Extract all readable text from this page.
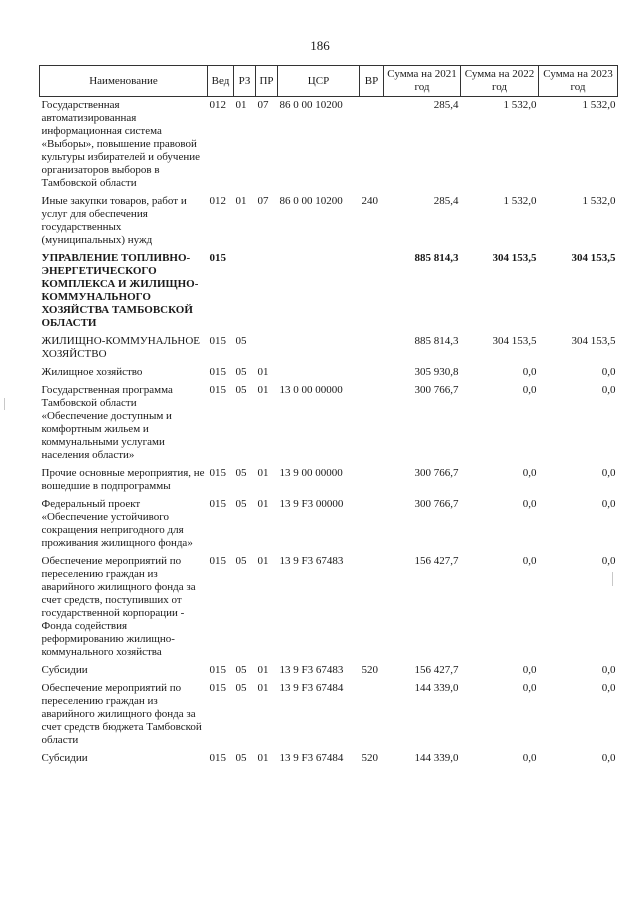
186
Наименование	Вед	РЗ	ПР	ЦСР	ВР	Сумма на 2021 год	Сумма на 2022 год	Сумма на 2023 год
Государственная автоматизированная информационная система «Выборы», повышение правовой культуры избирателей и обучение организаторов выборов в Тамбовской области	012	01	07	86 0 00 10200		285,4	1 532,0	1 532,0
Иные закупки товаров, работ и услуг для обеспечения государственных (муниципальных) нужд	012	01	07	86 0 00 10200	240	285,4	1 532,0	1 532,0
УПРАВЛЕНИЕ ТОПЛИВНО-ЭНЕРГЕТИЧЕСКОГО КОМПЛЕКСА И ЖИЛИЩНО-КОММУНАЛЬНОГО ХОЗЯЙСТВА ТАМБОВСКОЙ ОБЛАСТИ	015					885 814,3	304 153,5	304 153,5
ЖИЛИЩНО-КОММУНАЛЬНОЕ ХОЗЯЙСТВО	015	05				885 814,3	304 153,5	304 153,5
Жилищное хозяйство	015	05	01			305 930,8	0,0	0,0
Государственная программа Тамбовской области «Обеспечение доступным и комфортным жильем и коммунальными услугами населения области»	015	05	01	13 0 00 00000		300 766,7	0,0	0,0
Прочие основные мероприятия, не вошедшие в подпрограммы	015	05	01	13 9 00 00000		300 766,7	0,0	0,0
Федеральный проект «Обеспечение устойчивого сокращения непригодного для проживания жилищного фонда»	015	05	01	13 9 F3 00000		300 766,7	0,0	0,0
Обеспечение мероприятий по переселению граждан из аварийного жилищного фонда за счет средств, поступивших от государственной корпорации - Фонда содействия реформированию жилищно-коммунального хозяйства	015	05	01	13 9 F3 67483		156 427,7	0,0	0,0
Субсидии	015	05	01	13 9 F3 67483	520	156 427,7	0,0	0,0
Обеспечение мероприятий по переселению граждан из аварийного жилищного фонда за счет средств бюджета Тамбовской области	015	05	01	13 9 F3 67484		144 339,0	0,0	0,0
Субсидии	015	05	01	13 9 F3 67484	520	144 339,0	0,0	0,0
